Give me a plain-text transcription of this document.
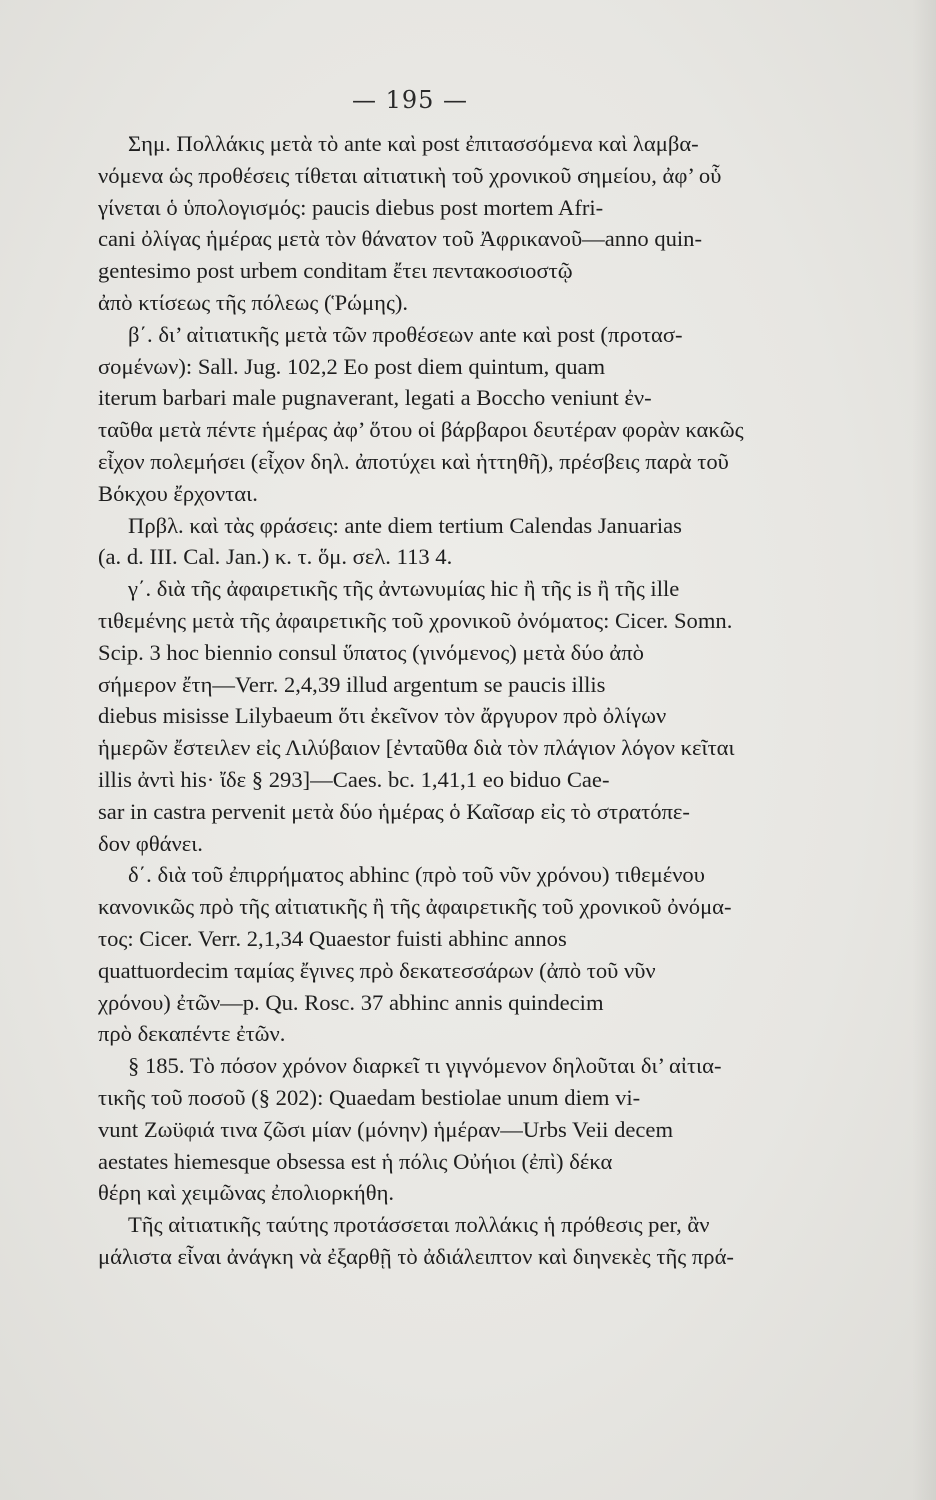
— 195 —
Σημ. Πολλάκις μετὰ τὸ ante καὶ post ἐπιτασσόμενα καὶ λαμβα-
νόμενα ὡς προθέσεις τίθεται αἰτιατικὴ τοῦ χρονικοῦ σημείου, ἀφ’ οὗ
γίνεται ὁ ὑπολογισμός: paucis diebus post mortem Afri-
cani ὀλίγας ἡμέρας μετὰ τὸν θάνατον τοῦ Ἀφρικανοῦ—anno quin-
gentesimo post urbem conditam ἔτει πεντακοσιοστῷ
ἀπὸ κτίσεως τῆς πόλεως (Ῥώμης).
β΄. δι’ αἰτιατικῆς μετὰ τῶν προθέσεων ante καὶ post (προτασ-
σομένων): Sall. Jug. 102,2 Eo post diem quintum, quam
iterum barbari male pugnaverant, legati a Boccho veniunt ἐν-
ταῦθα μετὰ πέντε ἡμέρας ἀφ’ ὅτου οἱ βάρβαροι δευτέραν φορὰν κακῶς
εἶχον πολεμήσει (εἶχον δηλ. ἀποτύχει καὶ ἡττηθῆ), πρέσβεις παρὰ τοῦ
Βόκχου ἔρχονται.
Πρβλ. καὶ τὰς φράσεις: ante diem tertium Calendas Januarias
(a. d. III. Cal. Jan.) κ. τ. ὅμ. σελ. 113 4.
γ΄. διὰ τῆς ἀφαιρετικῆς τῆς ἀντωνυμίας hic ἢ τῆς is ἢ τῆς ille
τιθεμένης μετὰ τῆς ἀφαιρετικῆς τοῦ χρονικοῦ ὀνόματος: Cicer. Somn.
Scip. 3 hoc biennio consul ὕπατος (γινόμενος) μετὰ δύο ἀπὸ
σήμερον ἔτη—Verr. 2,4,39 illud argentum se paucis illis
diebus misisse Lilybaeum ὅτι ἐκεῖνον τὸν ἄργυρον πρὸ ὀλίγων
ἡμερῶν ἔστειλεν εἰς Λιλύβαιον [ἐνταῦθα διὰ τὸν πλάγιον λόγον κεῖται
illis ἀντὶ his· ἴδε § 293]—Caes. bc. 1,41,1 eo biduo Cae-
sar in castra pervenit μετὰ δύο ἡμέρας ὁ Καῖσαρ εἰς τὸ στρατόπε-
δον φθάνει.
δ΄. διὰ τοῦ ἐπιρρήματος abhinc (πρὸ τοῦ νῦν χρόνου) τιθεμένου
κανονικῶς πρὸ τῆς αἰτιατικῆς ἢ τῆς ἀφαιρετικῆς τοῦ χρονικοῦ ὀνόμα-
τος: Cicer. Verr. 2,1,34 Quaestor fuisti abhinc annos
quattuordecim ταμίας ἔγινες πρὸ δεκατεσσάρων (ἀπὸ τοῦ νῦν
χρόνου) ἐτῶν—p. Qu. Rosc. 37 abhinc annis quindecim
πρὸ δεκαπέντε ἐτῶν.
§ 185. Τὸ πόσον χρόνον διαρκεῖ τι γιγνόμενον δηλοῦται δι’ αἰτια-
τικῆς τοῦ ποσοῦ (§ 202): Quaedam bestiolae unum diem vi-
vunt Ζωϋφιά τινα ζῶσι μίαν (μόνην) ἡμέραν—Urbs Veii decem
aestates hiemesque obsessa est ἡ πόλις Οὐήιοι (ἐπὶ) δέκα
θέρη καὶ χειμῶνας ἐπολιορκήθη.
Τῆς αἰτιατικῆς ταύτης προτάσσεται πολλάκις ἡ πρόθεσις per, ἂν
μάλιστα εἶναι ἀνάγκη νὰ ἐξαρθῇ τὸ ἀδιάλειπτον καὶ διηνεκὲς τῆς πρά-
